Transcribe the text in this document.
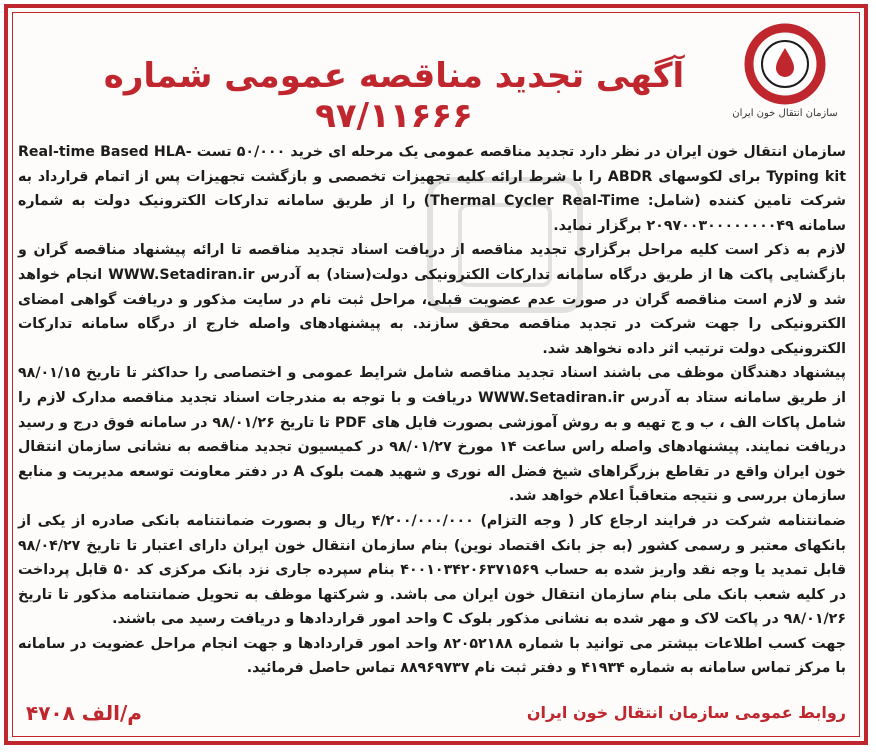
سازمان انتقال خون ایران
آگهی تجدید مناقصه عمومی شماره ۹۷/۱۱۶۶۶

سازمان انتقال خون ایران در نظر دارد تجدید مناقصه عمومی یک مرحله ای خرید ۵۰/۰۰۰ تست Real-time Based HLA-Typing kit برای لکوسهای ABDR را با شرط ارائه کلیه تجهیزات تخصصی و بازگشت تجهیزات پس از اتمام قرارداد به شرکت تامین کننده (شامل: Thermal Cycler Real-Time) را از طریق سامانه تدارکات الکترونیک دولت به شماره سامانه ۲۰۹۷۰۰۳۰۰۰۰۰۰۰۰۴۹ برگزار نماید.

لازم به ذکر است کلیه مراحل برگزاری تجدید مناقصه از دریافت اسناد تجدید مناقصه تا ارائه پیشنهاد مناقصه گران و بازگشایی پاکت ها از طریق درگاه سامانه تدارکات الکترونیکی دولت(ستاد) به آدرس WWW.Setadiran.ir انجام خواهد شد و لازم است مناقصه گران در صورت عدم عضویت قبلی، مراحل ثبت نام در سایت مذکور و دریافت گواهی امضای الکترونیکی را جهت شرکت در تجدید مناقصه محقق سازند. به پیشنهادهای واصله خارج از درگاه سامانه تدارکات الکترونیکی دولت ترتیب اثر داده نخواهد شد.

پیشنهاد دهندگان موظف می باشند اسناد تجدید مناقصه شامل شرایط عمومی و اختصاصی را حداکثر تا تاریخ ۹۸/۰۱/۱۵ از طریق سامانه ستاد به آدرس WWW.Setadiran.ir دریافت و با توجه به مندرجات اسناد تجدید مناقصه مدارک لازم را شامل پاکات الف ، ب و ج تهیه و به روش آموزشی بصورت فایل های PDF تا تاریخ ۹۸/۰۱/۲۶ در سامانه فوق درج و رسید دریافت نمایند. پیشنهادهای واصله راس ساعت ۱۴ مورخ ۹۸/۰۱/۲۷ در کمیسیون تجدید مناقصه به نشانی سازمان انتقال خون ایران واقع در تقاطع بزرگراهای شیخ فضل اله نوری و شهید همت بلوک A در دفتر معاونت توسعه مدیریت و منابع سازمان بررسی و نتیجه متعاقباً اعلام خواهد شد.

ضمانتنامه شرکت در فرایند ارجاع کار ( وجه التزام) ۴/۲۰۰/۰۰۰/۰۰۰ ریال و بصورت ضمانتنامه بانکی صادره از یکی از بانکهای معتبر و رسمی کشور (به جز بانک اقتصاد نوین) بنام سازمان انتقال خون ایران دارای اعتبار تا تاریخ ۹۸/۰۴/۲۷ قابل تمدید یا وجه نقد واریز شده به حساب ۴۰۰۱۰۳۴۲۰۶۳۷۱۵۶۹ بنام سپرده جاری نزد بانک مرکزی کد ۵۰ قابل پرداخت در کلیه شعب بانک ملی بنام سازمان انتقال خون ایران می باشد. و شرکتها موظف به تحویل ضمانتنامه مذکور تا تاریخ ۹۸/۰۱/۲۶ در پاکت لاک و مهر شده به نشانی مذکور بلوک C واحد امور قراردادها و دریافت رسید می باشند.

جهت کسب اطلاعات بیشتر می توانید با شماره ۸۲۰۵۲۱۸۸ واحد امور قراردادها و جهت انجام مراحل عضویت در سامانه با مرکز تماس سامانه به شماره ۴۱۹۳۴ و دفتر ثبت نام ۸۸۹۶۹۷۳۷ تماس حاصل فرمائید.

روابط عمومی سازمان انتقال خون ایران
م/الف ۴۷۰۸
